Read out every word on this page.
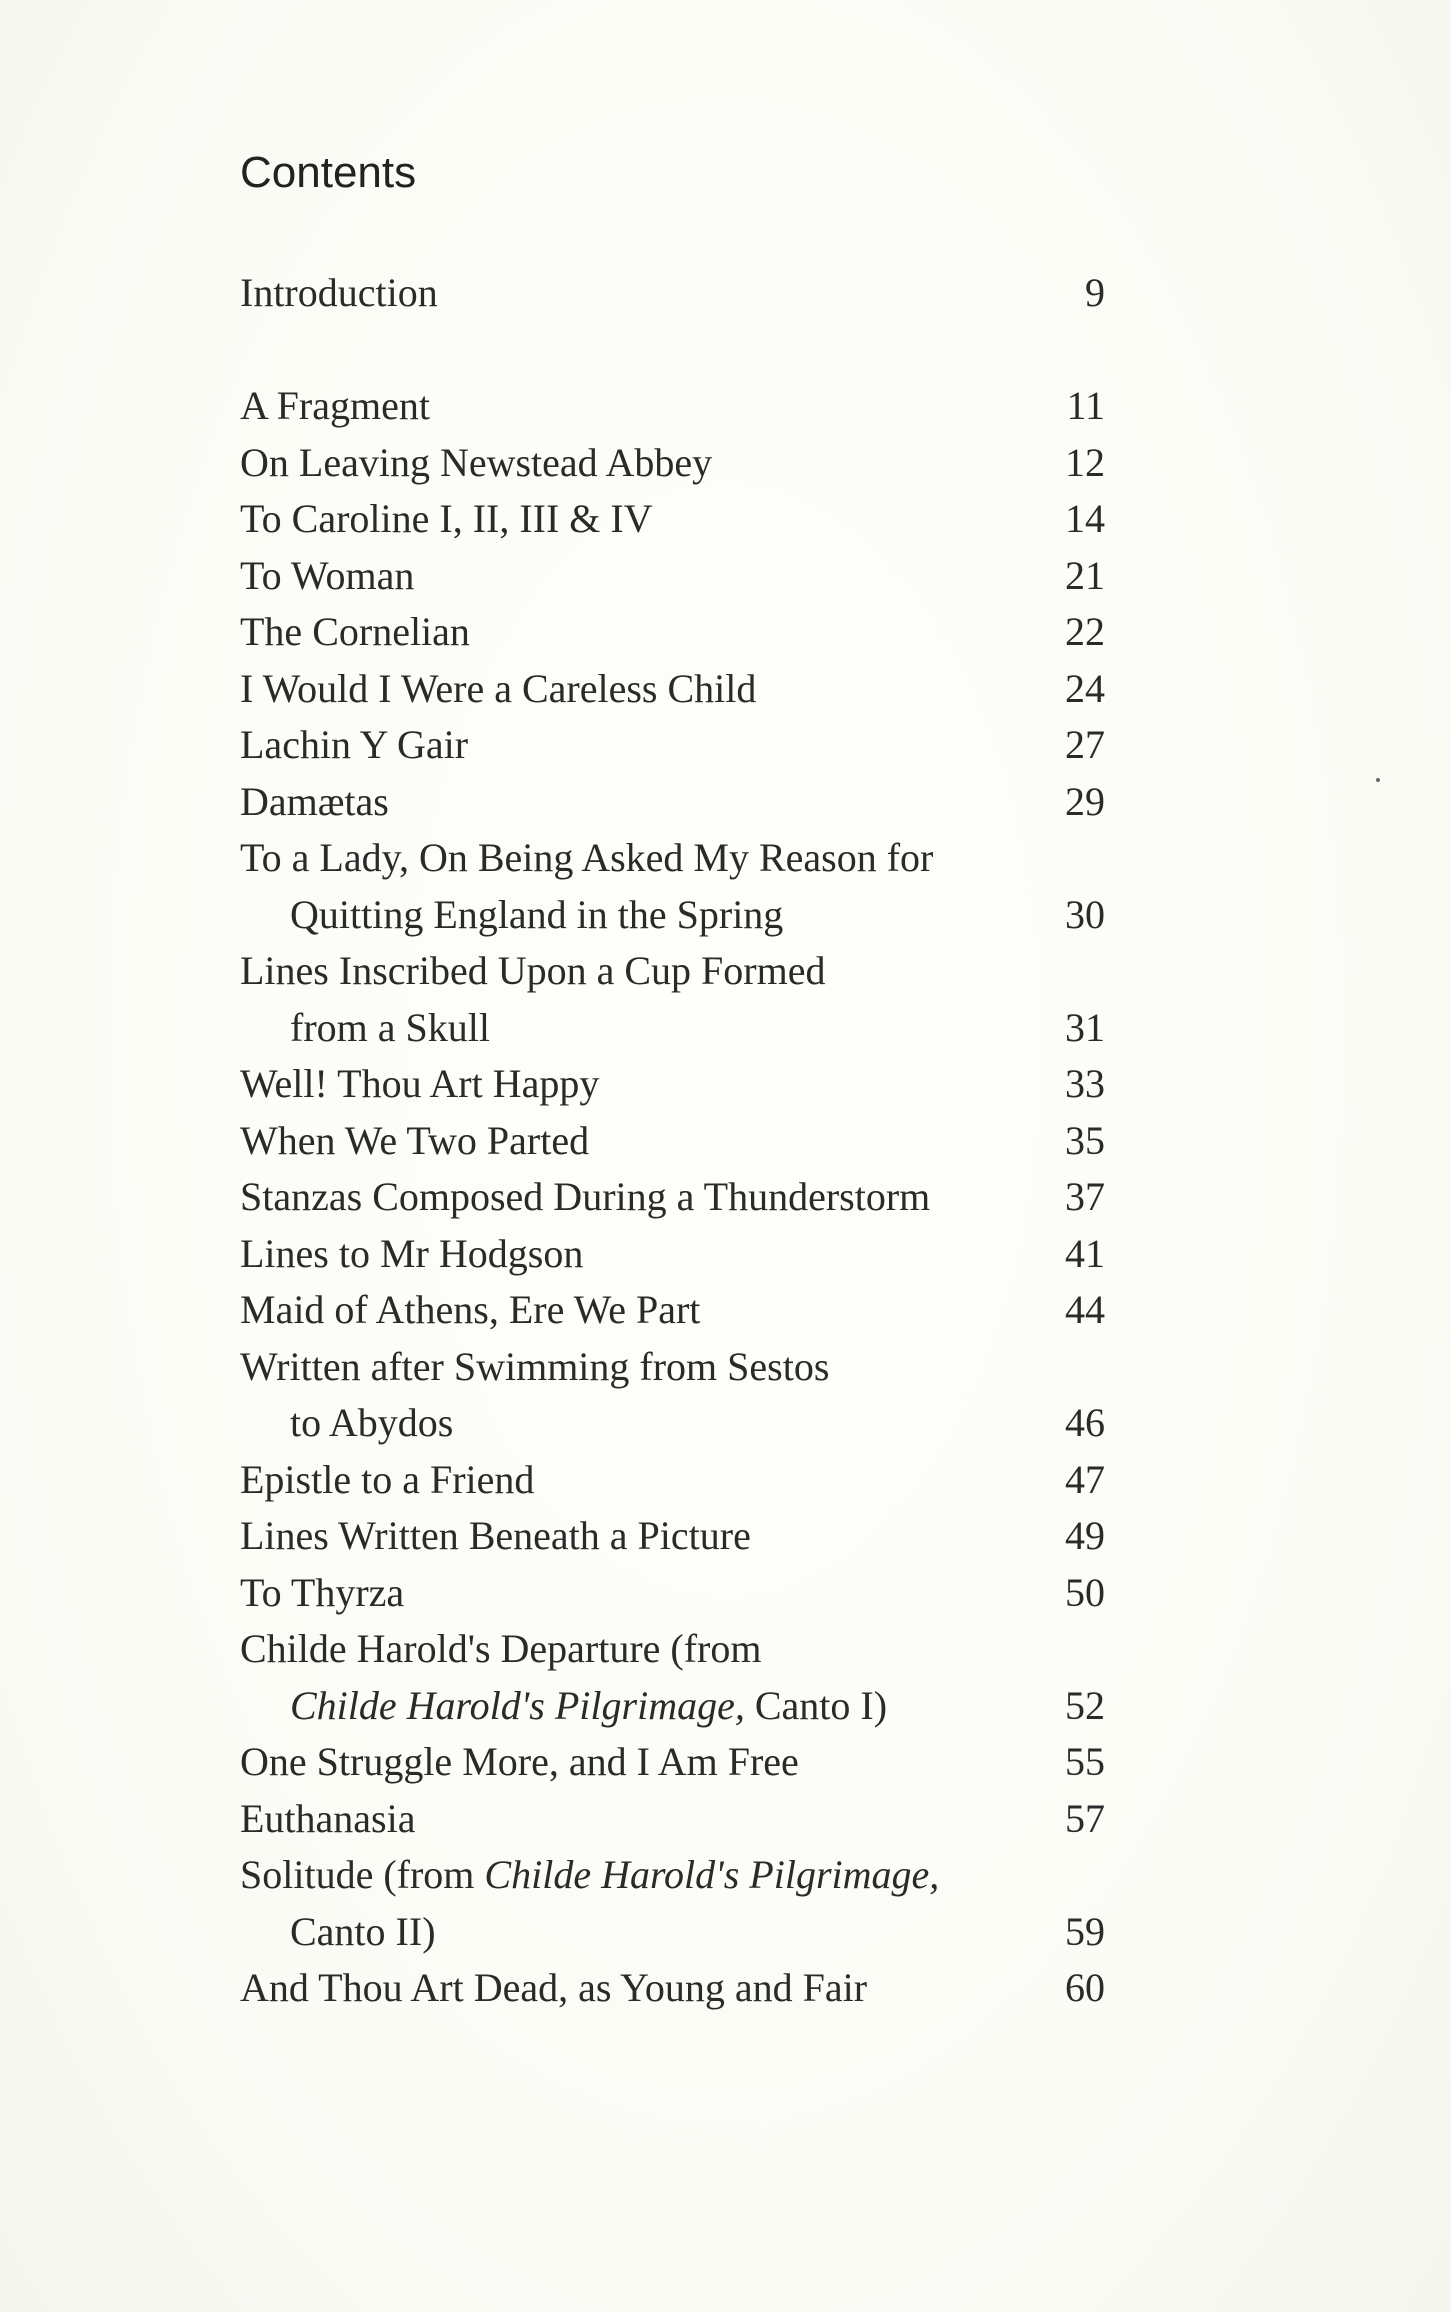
Contents
Introduction	9
A Fragment	11
On Leaving Newstead Abbey	12
To Caroline I, II, III & IV	14
To Woman	21
The Cornelian	22
I Would I Were a Careless Child	24
Lachin Y Gair	27
Damætas	29
To a Lady, On Being Asked My Reason for
Quitting England in the Spring	30
Lines Inscribed Upon a Cup Formed
from a Skull	31
Well! Thou Art Happy	33
When We Two Parted	35
Stanzas Composed During a Thunderstorm	37
Lines to Mr Hodgson	41
Maid of Athens, Ere We Part	44
Written after Swimming from Sestos
to Abydos	46
Epistle to a Friend	47
Lines Written Beneath a Picture	49
To Thyrza	50
Childe Harold's Departure (from
Childe Harold's Pilgrimage, Canto I)	52
One Struggle More, and I Am Free	55
Euthanasia	57
Solitude (from Childe Harold's Pilgrimage,
Canto II)	59
And Thou Art Dead, as Young and Fair	60
